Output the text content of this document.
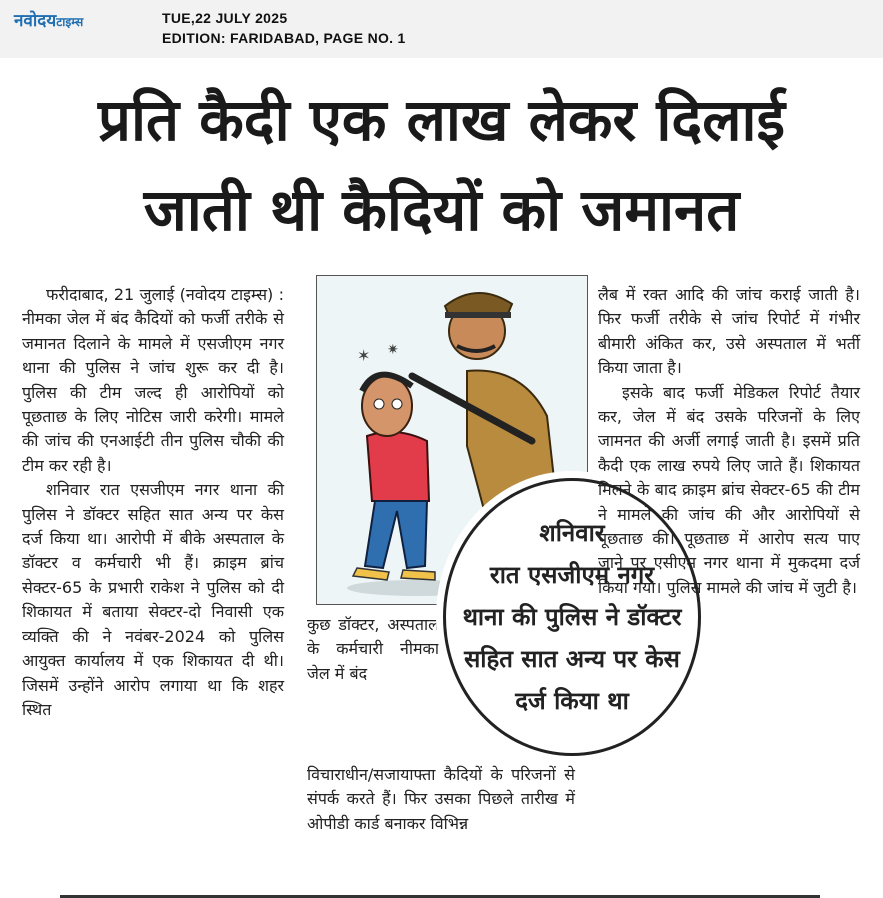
नवोदयटाइम्स	TUE,22 JULY 2025
EDITION: FARIDABAD, PAGE NO. 1
प्रति कैदी एक लाख लेकर दिलाई
जाती थी कैदियों को जमानत

फरीदाबाद, 21 जुलाई (नवोदय टाइम्स) : नीमका जेल में बंद कैदियों को फर्जी तरीके से जमानत दिलाने के मामले में एसजीएम नगर थाना की पुलिस ने जांच शुरू कर दी है। पुलिस की टीम जल्द ही आरोपियों को पूछताछ के लिए नोटिस जारी करेगी। मामले की जांच की एनआईटी तीन पुलिस चौकी की टीम कर रही है।

शनिवार रात एसजीएम नगर थाना की पुलिस ने डॉक्टर सहित सात अन्य पर केस दर्ज किया था। आरोपी में बीके अस्पताल के डॉक्टर व कर्मचारी भी हैं। क्राइम ब्रांच सेक्टर-65 के प्रभारी राकेश ने पुलिस को दी शिकायत में बताया सेक्टर-दो निवासी एक व्यक्ति की ने नवंबर-2024 को पुलिस आयुक्त कार्यालय में एक शिकायत दी थी। जिसमें उन्होंने आरोप लगाया था कि शहर स्थित

✶ ✷
कुछ डॉक्टर, अस्पताल के कर्मचारी नीमका जेल में बंद
शनिवार
रात एसजीएम नगर
थाना की पुलिस ने डॉक्टर
सहित सात अन्य पर केस
दर्ज किया था

विचाराधीन/सजायाफ्ता कैदियों के परिजनों से संपर्क करते हैं। फिर उसका पिछले तारीख में ओपीडी कार्ड बनाकर विभिन्न

लैब में रक्त आदि की जांच कराई जाती है। फिर फर्जी तरीके से जांच रिपोर्ट में गंभीर बीमारी अंकित कर, उसे अस्पताल में भर्ती किया जाता है।

इसके बाद फर्जी मेडिकल रिपोर्ट तैयार कर, जेल में बंद उसके परिजनों के लिए जामनत की अर्जी लगाई जाती है। इसमें प्रति कैदी एक लाख रुपये लिए जाते हैं। शिकायत मिलने के बाद क्राइम ब्रांच सेक्टर-65 की टीम ने मामले की जांच की और आरोपियों से पूछताछ की। पूछताछ में आरोप सत्य पाए जाने पर एसीएम नगर थाना में मुकदमा दर्ज किया गया। पुलिस मामले की जांच में जुटी है।
